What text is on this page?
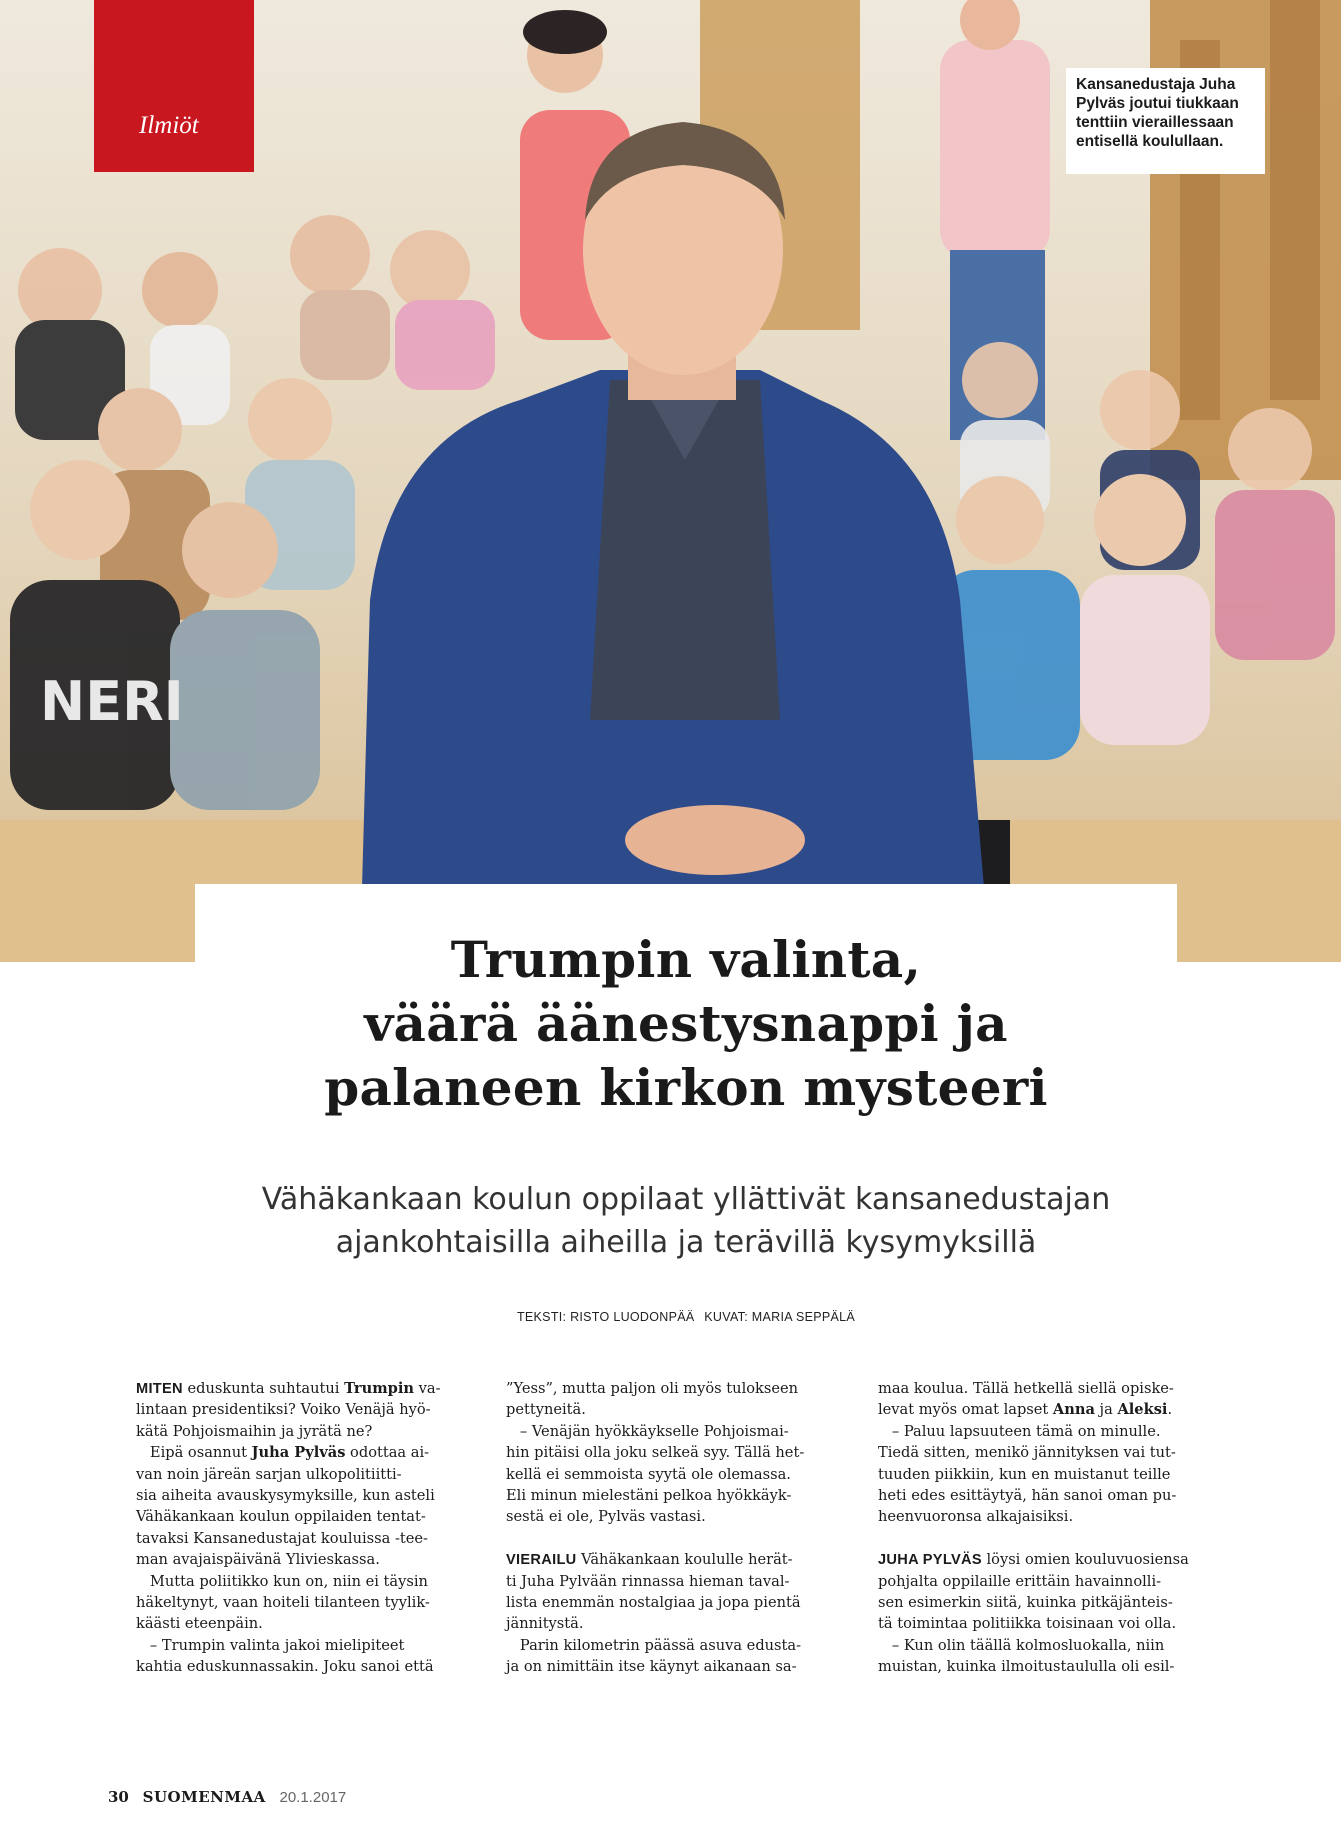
NERI
Ilmiöt
Kansanedustaja Juha
Pylväs joutui tiukkaan
tenttiin vieraillessaan
entisellä koulullaan.
Trumpin valinta,
väärä äänestysnappi ja
palaneen kirkon mysteeri
Vähäkankaan koulun oppilaat yllättivät kansanedustajan
ajankohtaisilla aiheilla ja terävillä kysymyksillä
TEKSTI: RISTO LUODONPÄÄ KUVAT: MARIA SEPPÄLÄ
MITEN eduskunta suhtautui Trumpin va-
lintaan presidentiksi? Voiko Venäjä hyö-
kätä Pohjoismaihin ja jyrätä ne?
Eipä osannut Juha Pylväs odottaa ai-
van noin järeän sarjan ulkopolitiitti-
sia aiheita avauskysymyksille, kun asteli
Vähäkankaan koulun oppilaiden tentat-
tavaksi Kansanedustajat kouluissa -tee-
man avajaispäivänä Ylivieskassa.
Mutta poliitikko kun on, niin ei täysin
häkeltynyt, vaan hoiteli tilanteen tyylik-
käästi eteenpäin.
– Trumpin valinta jakoi mielipiteet
kahtia eduskunnassakin. Joku sanoi että
”Yess”, mutta paljon oli myös tulokseen
pettyneitä.
– Venäjän hyökkäykselle Pohjoismai-
hin pitäisi olla joku selkeä syy. Tällä het-
kellä ei semmoista syytä ole olemassa.
Eli minun mielestäni pelkoa hyökkäyk-
sestä ei ole, Pylväs vastasi.
VIERAILU Vähäkankaan koululle herät-
ti Juha Pylvään rinnassa hieman taval-
lista enemmän nostalgiaa ja jopa pientä
jännitystä.
Parin kilometrin päässä asuva edusta-
ja on nimittäin itse käynyt aikanaan sa-
maa koulua. Tällä hetkellä siellä opiske-
levat myös omat lapset Anna ja Aleksi.
– Paluu lapsuuteen tämä on minulle.
Tiedä sitten, menikö jännityksen vai tut-
tuuden piikkiin, kun en muistanut teille
heti edes esittäytyä, hän sanoi oman pu-
heenvuoronsa alkajaisiksi.
JUHA PYLVÄS löysi omien kouluvuosiensa
pohjalta oppilaille erittäin havainnolli-
sen esimerkin siitä, kuinka pitkäjänteis-
tä toimintaa politiikka toisinaan voi olla.
– Kun olin täällä kolmosluokalla, niin
muistan, kuinka ilmoitustaululla oli esil-
30 SUOMENMAA 20.1.2017
